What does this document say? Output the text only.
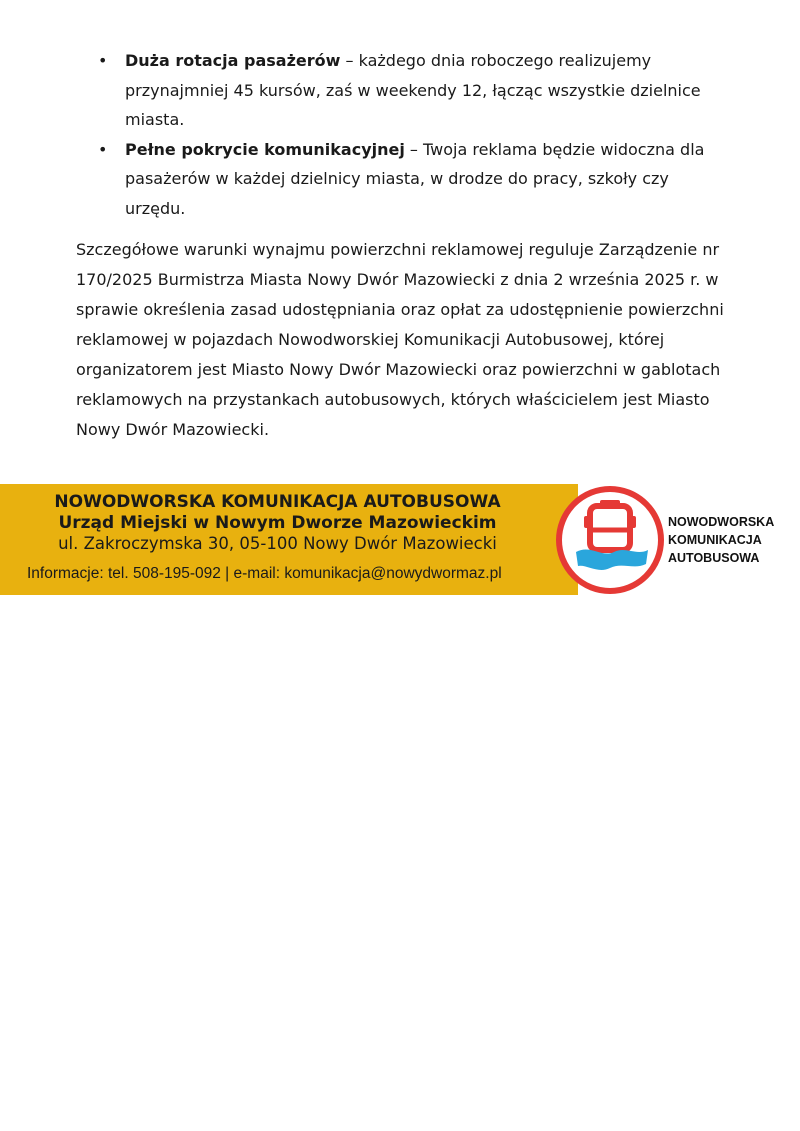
• Duża rotacja pasażerów – każdego dnia roboczego realizujemy przynajmniej 45 kursów, zaś w weekendy 12, łącząc wszystkie dzielnice miasta.
• Pełne pokrycie komunikacyjnej – Twoja reklama będzie widoczna dla pasażerów w każdej dzielnicy miasta, w drodze do pracy, szkoły czy urzędu.

Szczegółowe warunki wynajmu powierzchni reklamowej reguluje Zarządzenie nr 170/2025 Burmistrza Miasta Nowy Dwór Mazowiecki z dnia 2 września 2025 r. w sprawie określenia zasad udostępniania oraz opłat za udostępnienie powierzchni reklamowej w pojazdach Nowodworskiej Komunikacji Autobusowej, której organizatorem jest Miasto Nowy Dwór Mazowiecki oraz powierzchni w gablotach reklamowych na przystankach autobusowych, których właścicielem jest Miasto Nowy Dwór Mazowiecki.

NOWODWORSKA KOMUNIKACJA AUTOBUSOWA
Urząd Miejski w Nowym Dworze Mazowieckim
ul. Zakroczymska 30, 05-100 Nowy Dwór Mazowiecki
Informacje: tel. 508-195-092 | e-mail: komunikacja@nowydwormaz.pl
NOWODWORSKA
KOMUNIKACJA
AUTOBUSOWA
